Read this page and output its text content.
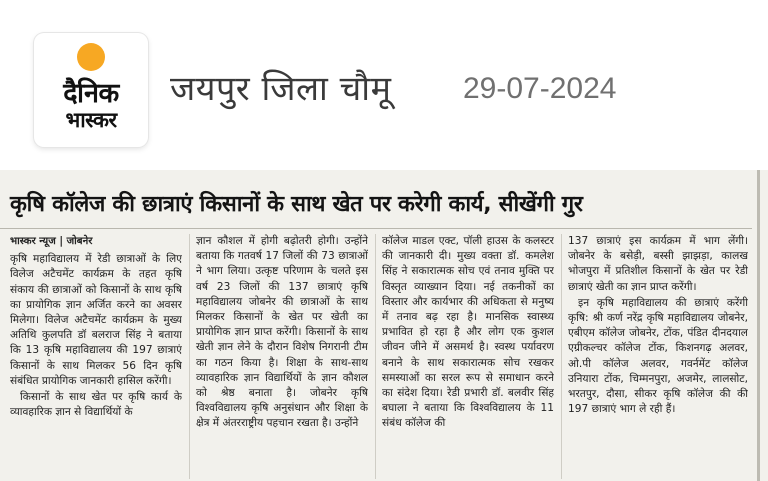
दैनिक
भास्कर
जयपुर जिला चौमू 29-07-2024
कृषि कॉलेज की छात्राएं किसानों के साथ खेत पर करेगी कार्य, सीखेंगी गुर

भास्कर न्यूज | जोबनेर

कृषि महाविद्यालय में रेडी छात्राओं के लिए विलेज अटैचमेंट कार्यक्रम के तहत कृषि संकाय की छात्राओं को किसानों के साथ कृषि का प्रायोगिक ज्ञान अर्जित करने का अवसर मिलेगा। विलेज अटैचमेंट कार्यक्रम के मुख्य अतिथि कुलपति डॉ बलराज सिंह ने बताया कि 13 कृषि महाविद्यालय की 197 छात्राएं किसानों के साथ मिलकर 56 दिन कृषि संबंधित प्रायोगिक जानकारी हासिल करेंगी।

किसानों के साथ खेत पर कृषि कार्य के व्यावहारिक ज्ञान से विद्यार्थियों के

ज्ञान कौशल में होगी बढ़ोतरी होगी। उन्होंने बताया कि गतवर्ष 17 जिलों की 73 छात्राओं ने भाग लिया। उत्कृष्ट परिणाम के चलते इस वर्ष 23 जिलों की 137 छात्राएं कृषि महाविद्यालय जोबनेर की छात्राओं के साथ मिलकर किसानों के खेत पर खेती का प्रायोगिक ज्ञान प्राप्त करेंगी। किसानों के साथ खेती ज्ञान लेने के दौरान विशेष निगरानी टीम का गठन किया है। शिक्षा के साथ-साथ व्यावहारिक ज्ञान विद्यार्थियों के ज्ञान कौशल को श्रेष्ठ बनाता है। जोबनेर कृषि विश्वविद्यालय कृषि अनुसंधान और शिक्षा के क्षेत्र में अंतरराष्ट्रीय पहचान रखता है। उन्होंने

कॉलेज माडल एक्ट, पॉली हाउस के कलस्टर की जानकारी दी। मुख्य वक्ता डॉ. कमलेश सिंह ने सकारात्मक सोच एवं तनाव मुक्ति पर विस्तृत व्याख्यान दिया। नई तकनीकों का विस्तार और कार्यभार की अधिकता से मनुष्य में तनाव बढ़ रहा है। मानसिक स्वास्थ्य प्रभावित हो रहा है और लोग एक कुशल जीवन जीने में असमर्थ है। स्वस्थ पर्यावरण बनाने के साथ सकारात्मक सोच रखकर समस्याओं का सरल रूप से समाधान करने का संदेश दिया। रेडी प्रभारी डॉ. बलवीर सिंह बघाला ने बताया कि विश्वविद्यालय के 11 संबंध कॉलेज की

137 छात्राएं इस कार्यक्रम में भाग लेंगी। जोबनेर के बसेड़ी, बस्सी झाझड़ा, कालख भोजपुरा में प्रतिशील किसानों के खेत पर रेडी छात्राएं खेती का ज्ञान प्राप्त करेंगी।

इन कृषि महाविद्यालय की छात्राएं करेंगी कृषि: श्री कर्ण नरेंद्र कृषि महाविद्यालय जोबनेर, एबीएम कॉलेज जोबनेर, टोंक, पंडित दीनदयाल एग्रीकल्चर कॉलेज टोंक, किशनगढ़ अलवर, ओ.पी कॉलेज अलवर, गवर्नमेंट कॉलेज उनियारा टोंक, चिम्मनपुरा, अजमेर, लालसोट, भरतपुर, दौसा, सीकर कृषि कॉलेज की की 197 छात्राएं भाग ले रही हैं।
